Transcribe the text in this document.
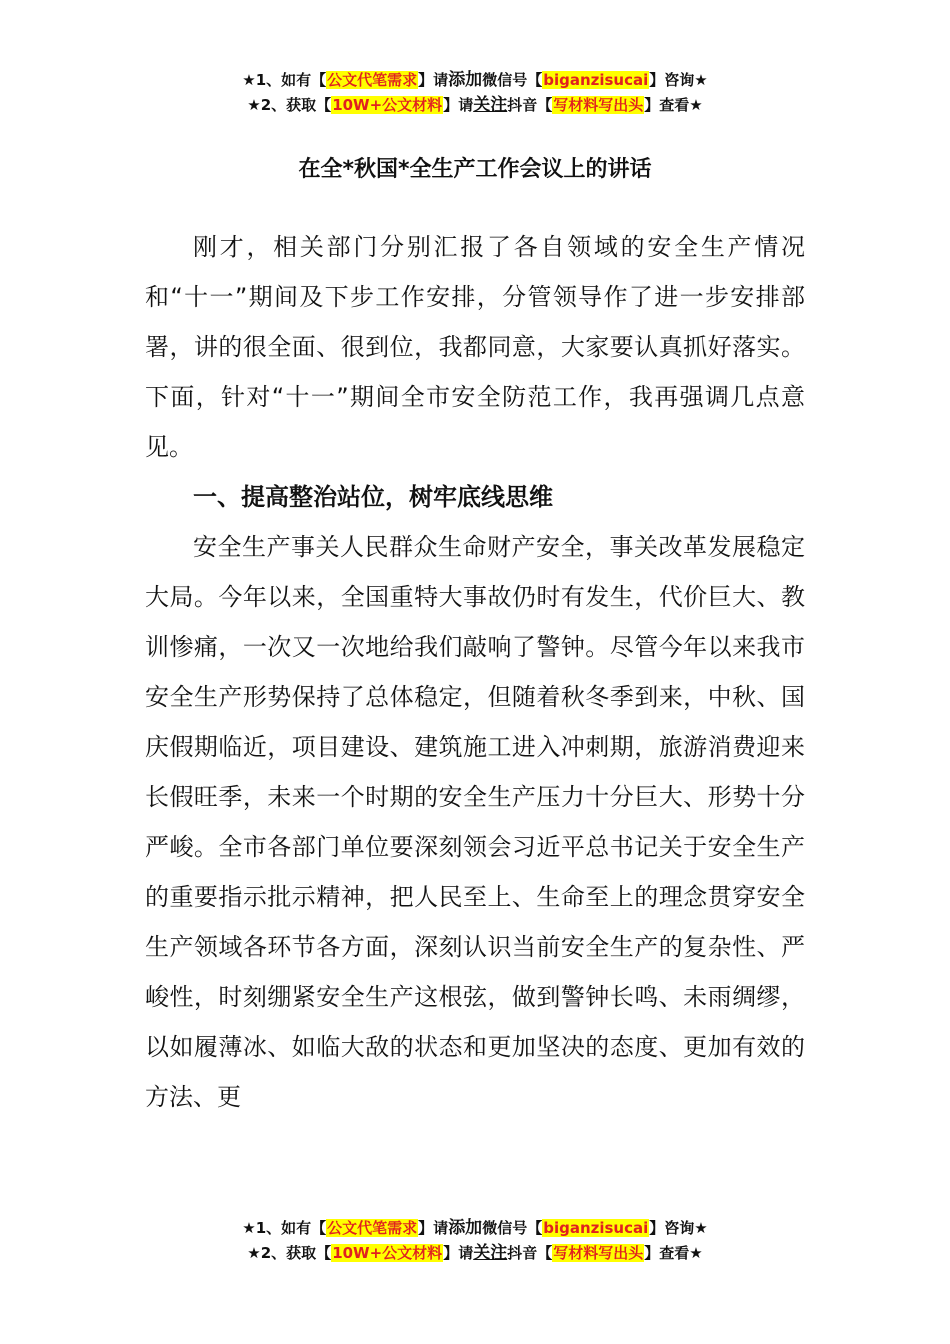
★1、如有【公文代笔需求】请添加微信号【biganzisucai】咨询★
★2、获取【10W+公文材料】请关注抖音【写材料写出头】查看★
在全*秋国*全生产工作会议上的讲话

刚才，相关部门分别汇报了各自领域的安全生产情况和“十一”期间及下步工作安排，分管领导作了进一步安排部署，讲的很全面、很到位，我都同意，大家要认真抓好落实。下面，针对“十一”期间全市安全防范工作，我再强调几点意见。

一、提高整治站位，树牢底线思维

安全生产事关人民群众生命财产安全，事关改革发展稳定大局。今年以来，全国重特大事故仍时有发生，代价巨大、教训惨痛，一次又一次地给我们敲响了警钟。尽管今年以来我市安全生产形势保持了总体稳定，但随着秋冬季到来，中秋、国庆假期临近，项目建设、建筑施工进入冲刺期，旅游消费迎来长假旺季，未来一个时期的安全生产压力十分巨大、形势十分严峻。全市各部门单位要深刻领会习近平总书记关于安全生产的重要指示批示精神，把人民至上、生命至上的理念贯穿安全生产领域各环节各方面，深刻认识当前安全生产的复杂性、严峻性，时刻绷紧安全生产这根弦，做到警钟长鸣、未雨绸缪，以如履薄冰、如临大敌的状态和更加坚决的态度、更加有效的方法、更

★1、如有【公文代笔需求】请添加微信号【biganzisucai】咨询★
★2、获取【10W+公文材料】请关注抖音【写材料写出头】查看★
